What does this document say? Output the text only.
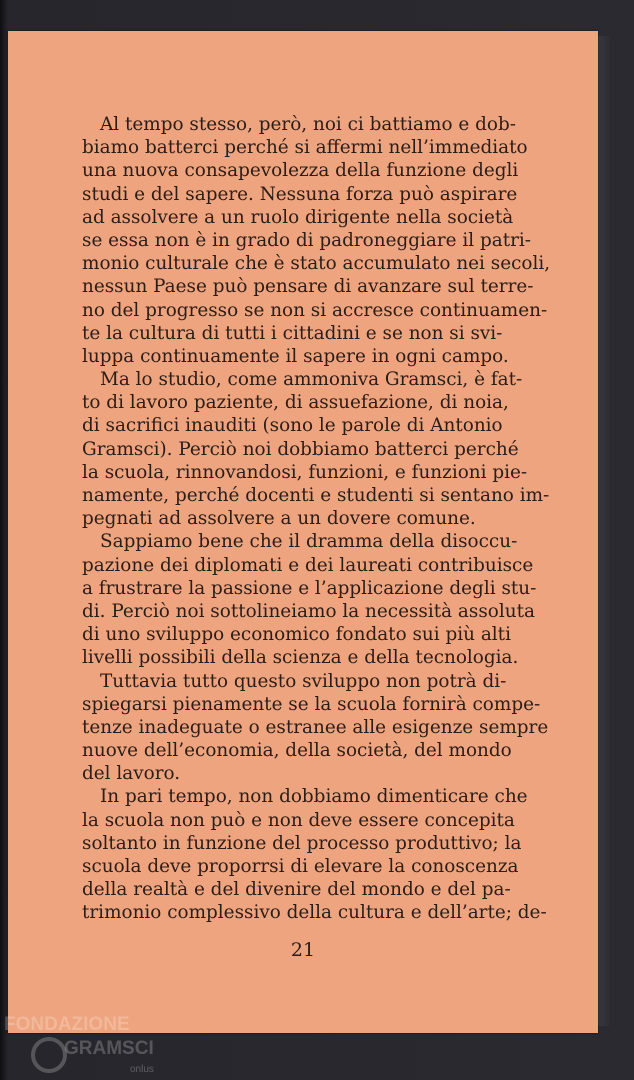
Al tempo stesso, però, noi ci battiamo e dob-
biamo batterci perché si affermi nell’immediato
una nuova consapevolezza della funzione degli
studi e del sapere. Nessuna forza può aspirare
ad assolvere a un ruolo dirigente nella società
se essa non è in grado di padroneggiare il patri-
monio culturale che è stato accumulato nei secoli,
nessun Paese può pensare di avanzare sul terre-
no del progresso se non si accresce continuamen-
te la cultura di tutti i cittadini e se non si svi-
luppa continuamente il sapere in ogni campo.
Ma lo studio, come ammoniva Gramsci, è fat-
to di lavoro paziente, di assuefazione, di noia,
di sacrifici inauditi (sono le parole di Antonio
Gramsci). Perciò noi dobbiamo batterci perché
la scuola, rinnovandosi, funzioni, e funzioni pie-
namente, perché docenti e studenti si sentano im-
pegnati ad assolvere a un dovere comune.
Sappiamo bene che il dramma della disoccu-
pazione dei diplomati e dei laureati contribuisce
a frustrare la passione e l’applicazione degli stu-
di. Perciò noi sottolineiamo la necessità assoluta
di uno sviluppo economico fondato sui più alti
livelli possibili della scienza e della tecnologia.
Tuttavia tutto questo sviluppo non potrà di-
spiegarsi pienamente se la scuola fornirà compe-
tenze inadeguate o estranee alle esigenze sempre
nuove dell’economia, della società, del mondo
del lavoro.
In pari tempo, non dobbiamo dimenticare che
la scuola non può e non deve essere concepita
soltanto in funzione del processo produttivo; la
scuola deve proporrsi di elevare la conoscenza
della realtà e del divenire del mondo e del pa-
trimonio complessivo della cultura e dell’arte; de-
21
FONDAZIONE
GRAMSCI
onlus
